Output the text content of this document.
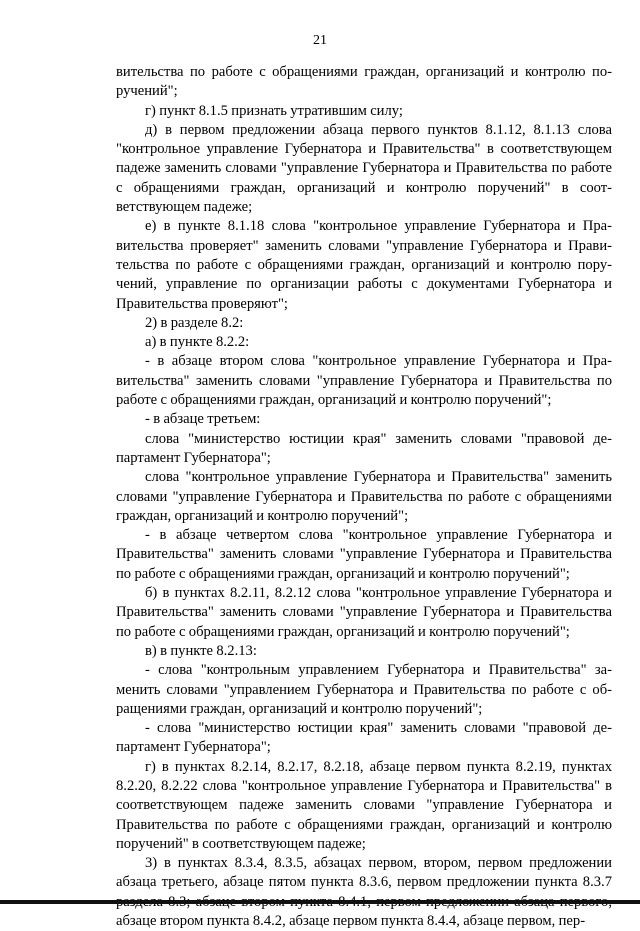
21

вительства по работе с обращениями граждан, организаций и контролю поручений";

г) пункт 8.1.5 признать утратившим силу;

д) в первом предложении абзаца первого пунктов 8.1.12, 8.1.13 слова "контрольное управление Губернатора и Правительства" в соответствующем падеже заменить словами "управление Губернатора и Правительства по работе с обращениями граждан, организаций и контролю поручений" в соответствующем падеже;

е) в пункте 8.1.18 слова "контрольное управление Губернатора и Правительства проверяет" заменить словами "управление Губернатора и Правительства по работе с обращениями граждан, организаций и контролю поручений, управление по организации работы с документами Губернатора и Правительства проверяют";

2) в разделе 8.2:

а) в пункте 8.2.2:

- в абзаце втором слова "контрольное управление Губернатора и Правительства" заменить словами "управление Губернатора и Правительства по работе с обращениями граждан, организаций и контролю поручений";

- в абзаце третьем:

слова "министерство юстиции края" заменить словами "правовой департамент Губернатора";

слова "контрольное управление Губернатора и Правительства" заменить словами "управление Губернатора и Правительства по работе с обращениями граждан, организаций и контролю поручений";

- в абзаце четвертом слова "контрольное управление Губернатора и Правительства" заменить словами "управление Губернатора и Правительства по работе с обращениями граждан, организаций и контролю поручений";

б) в пунктах 8.2.11, 8.2.12 слова "контрольное управление Губернатора и Правительства" заменить словами "управление Губернатора и Правительства по работе с обращениями граждан, организаций и контролю поручений";

в) в пункте 8.2.13:

- слова "контрольным управлением Губернатора и Правительства" заменить словами "управлением Губернатора и Правительства по работе с обращениями граждан, организаций и контролю поручений";

- слова "министерство юстиции края" заменить словами "правовой департамент Губернатора";

г) в пунктах 8.2.14, 8.2.17, 8.2.18, абзаце первом пункта 8.2.19, пунктах 8.2.20, 8.2.22 слова "контрольное управление Губернатора и Правительства" в соответствующем падеже заменить словами "управление Губернатора и Правительства по работе с обращениями граждан, организаций и контролю поручений" в соответствующем падеже;

3) в пунктах 8.3.4, 8.3.5, абзацах первом, втором, первом предложении абзаца третьего, абзаце пятом пункта 8.3.6, первом предложении пункта 8.3.7 абзаце втором пункта 8.4.2, абзаце первом пункта 8.4.4, абзаце первом, пер-
